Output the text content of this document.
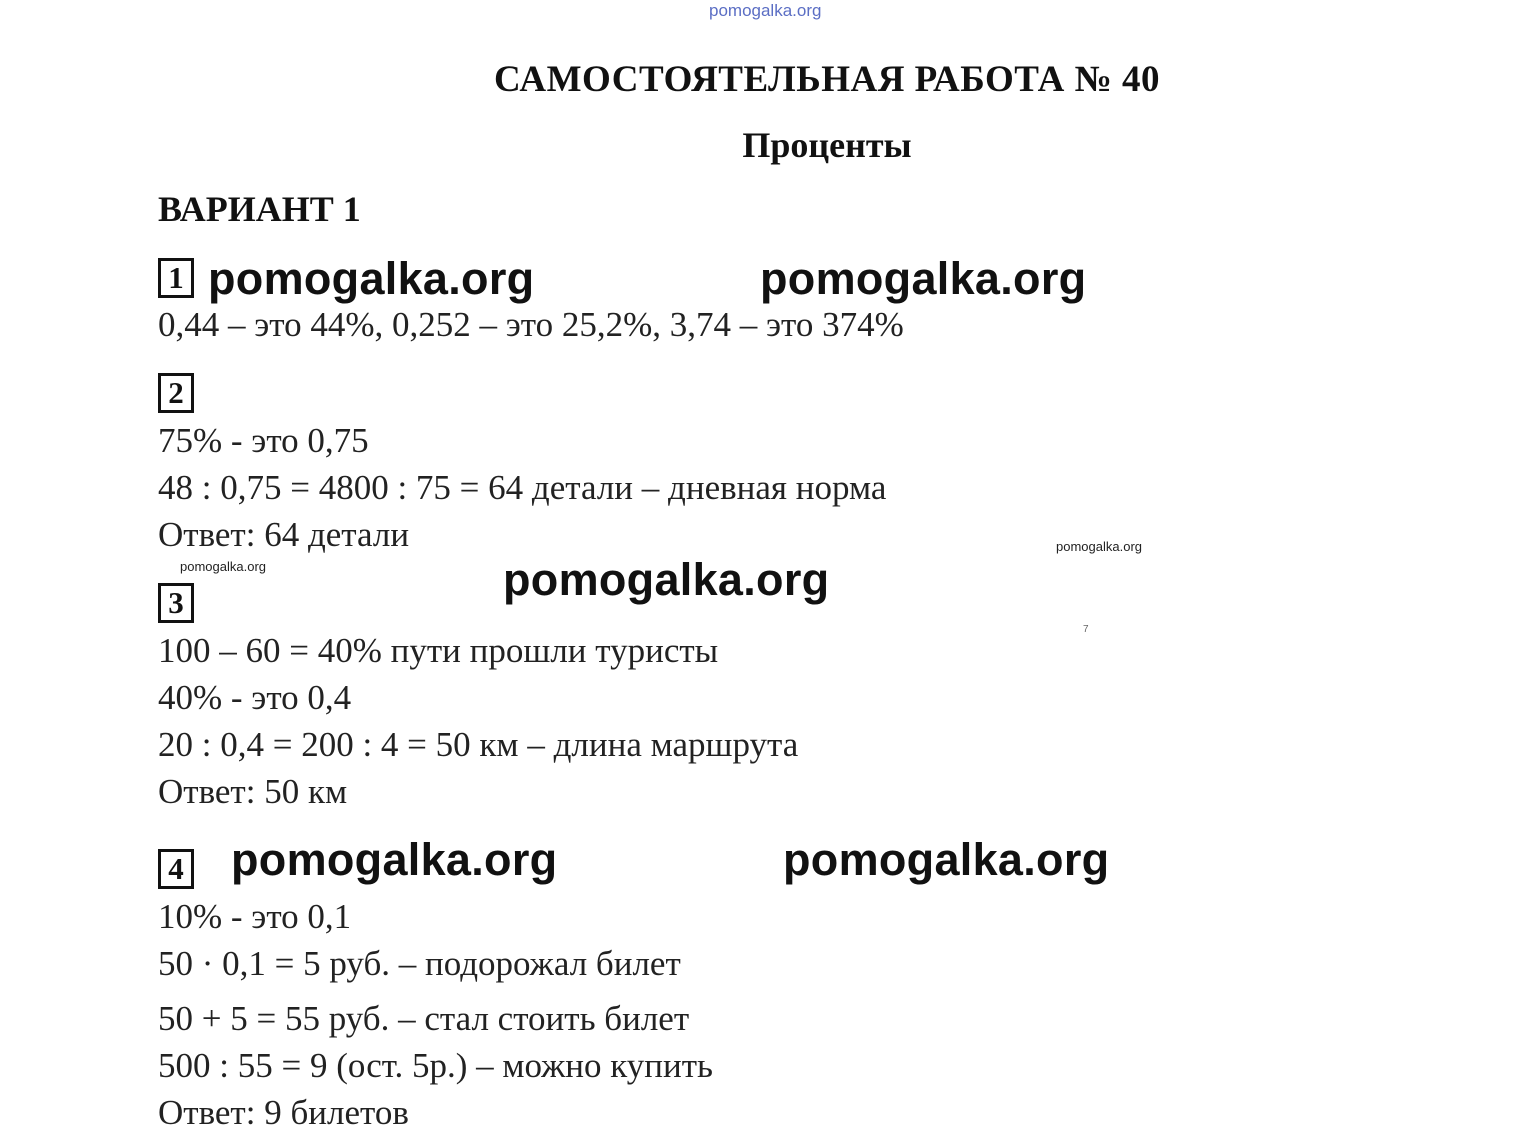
pomogalka.org
САМОСТОЯТЕЛЬНАЯ РАБОТА № 40
Проценты
ВАРИАНТ 1
1 pomogalka.org	pomogalka.org
0,44 – это 44%, 0,252 – это 25,2%, 3,74 – это 374%
2
75% - это 0,75
48 : 0,75 = 4800 : 75 = 64 детали – дневная норма
Ответ: 64 детали
pomogalka.org
pomogalka.org
pomogalka.org
7
3
100 – 60 = 40% пути прошли туристы
40% - это 0,4
20 : 0,4 = 200 : 4 = 50 км – длина маршрута
Ответ: 50 км
4 pomogalka.org	pomogalka.org
10% - это 0,1
50 · 0,1 = 5 руб. – подорожал билет
50 + 5 = 55 руб. – стал стоить билет
500 : 55 = 9 (ост. 5р.) – можно купить
Ответ: 9 билетов
